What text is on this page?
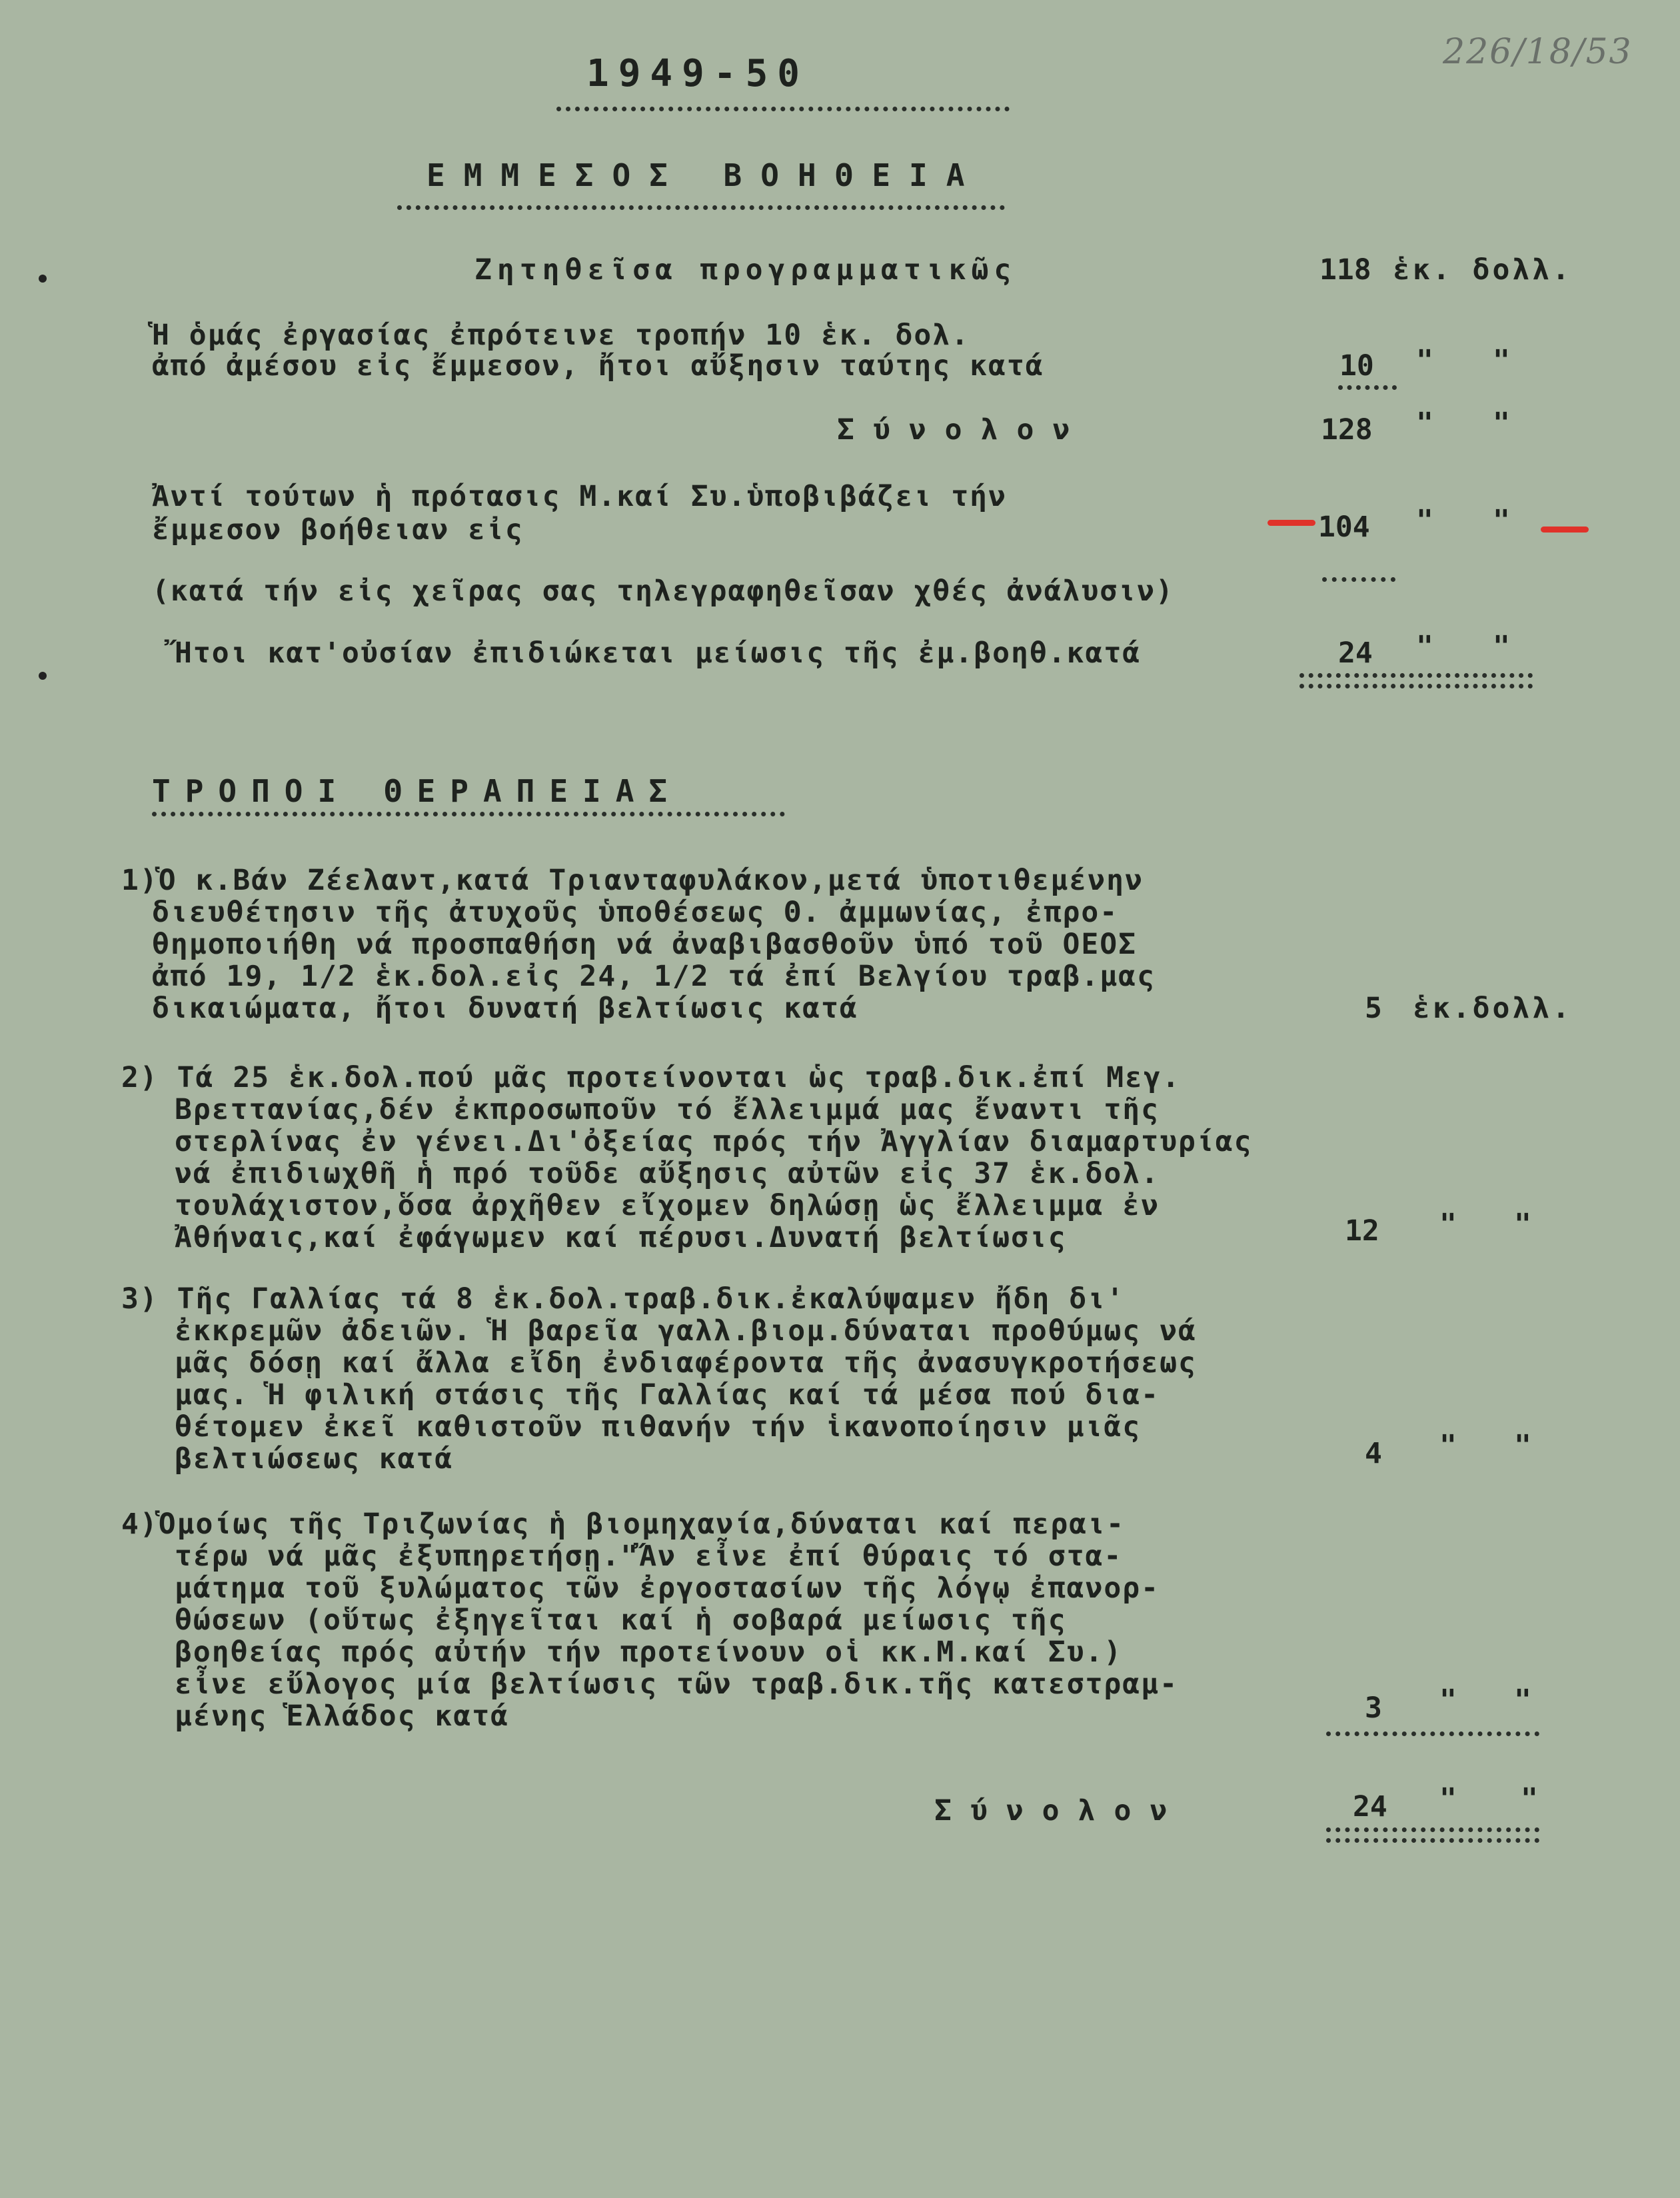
226/18/53
1949-50
ΕΜΜΕΣΟΣ ΒΟΗΘΕΙΑ
Ζητηθεῖσα προγραμματικῶς	118 ἑκ. δολλ.
Ἡ ὁμάς ἐργασίας ἐπρότεινε τροπήν 10 ἑκ. δολ.
ἀπό ἀμέσου εἰς ἔμμεσον, ἤτοι αὔξησιν ταύτης κατά	10 " "
Σύνολον	128 " "
Ἀντί τούτων ἡ πρότασις Μ.καί Συ.ὑποβιβάζει τήν
ἔμμεσον βοήθειαν εἰς	104 " "
(κατά τήν εἰς χεῖρας σας τηλεγραφηθεῖσαν χθές ἀνάλυσιν)
Ἤτοι κατ'οὐσίαν ἐπιδιώκεται μείωσις τῆς ἐμ.βοηθ.κατά	24 " "
ΤΡΟΠΟΙ ΘΕΡΑΠΕΙΑΣ
1)Ὁ κ.Βάν Ζέελαντ,κατά Τριανταφυλάκον,μετά ὑποτιθεμένην
διευθέτησιν τῆς ἀτυχοῦς ὑποθέσεως Θ. ἀμμωνίας, ἐπρο-
θημοποιήθη νά προσπαθήση νά ἀναβιβασθοῦν ὑπό τοῦ ΟΕΟΣ
ἀπό 19, 1/2 ἑκ.δολ.εἰς 24, 1/2 τά ἐπί Βελγίου τραβ.μας
δικαιώματα, ἤτοι δυνατή βελτίωσις κατά	5 ἑκ.δολλ.
2) Τά 25 ἑκ.δολ.πού μᾶς προτείνονται ὡς τραβ.δικ.ἐπί Μεγ.
Βρεττανίας,δέν ἐκπροσωποῦν τό ἔλλειμμά μας ἔναντι τῆς
στερλίνας ἐν γένει.Δι'ὀξείας πρός τήν Ἀγγλίαν διαμαρτυρίας
νά ἐπιδιωχθῆ ἡ πρό τοῦδε αὔξησις αὐτῶν εἰς 37 ἑκ.δολ.
τουλάχιστον,ὅσα ἀρχῆθεν εἴχομεν δηλώσῃ ὡς ἔλλειμμα ἐν
Ἀθήναις,καί ἐφάγωμεν καί πέρυσι.Δυνατή βελτίωσις	12 " "
3) Τῆς Γαλλίας τά 8 ἑκ.δολ.τραβ.δικ.ἐκαλύψαμεν ἤδη δι'
ἐκκρεμῶν ἀδειῶν. Ἡ βαρεῖα γαλλ.βιομ.δύναται προθύμως νά
μᾶς δόσῃ καί ἄλλα εἴδη ἐνδιαφέροντα τῆς ἀνασυγκροτήσεως
μας. Ἡ φιλική στάσις τῆς Γαλλίας καί τά μέσα πού δια-
θέτομεν ἐκεῖ καθιστοῦν πιθανήν τήν ἱκανοποίησιν μιᾶς
βελτιώσεως κατά	4 " "
4)Ὁμοίως τῆς Τριζωνίας ἡ βιομηχανία,δύναται καί περαι-
τέρω νά μᾶς ἐξυπηρετήσῃ."Ἄν εἶνε ἐπί θύραις τό στα-
μάτημα τοῦ ξυλώματος τῶν ἐργοστασίων τῆς λόγῳ ἐπανορ-
θώσεων (οὕτως ἐξηγεῖται καί ἡ σοβαρά μείωσις τῆς
βοηθείας πρός αὐτήν τήν προτείνουν οἱ κκ.Μ.καί Συ.)
εἶνε εὔλογος μία βελτίωσις τῶν τραβ.δικ.τῆς κατεστραμ-
μένης Ἑλλάδος κατά	3 " "
Σύνολον	24 " "
